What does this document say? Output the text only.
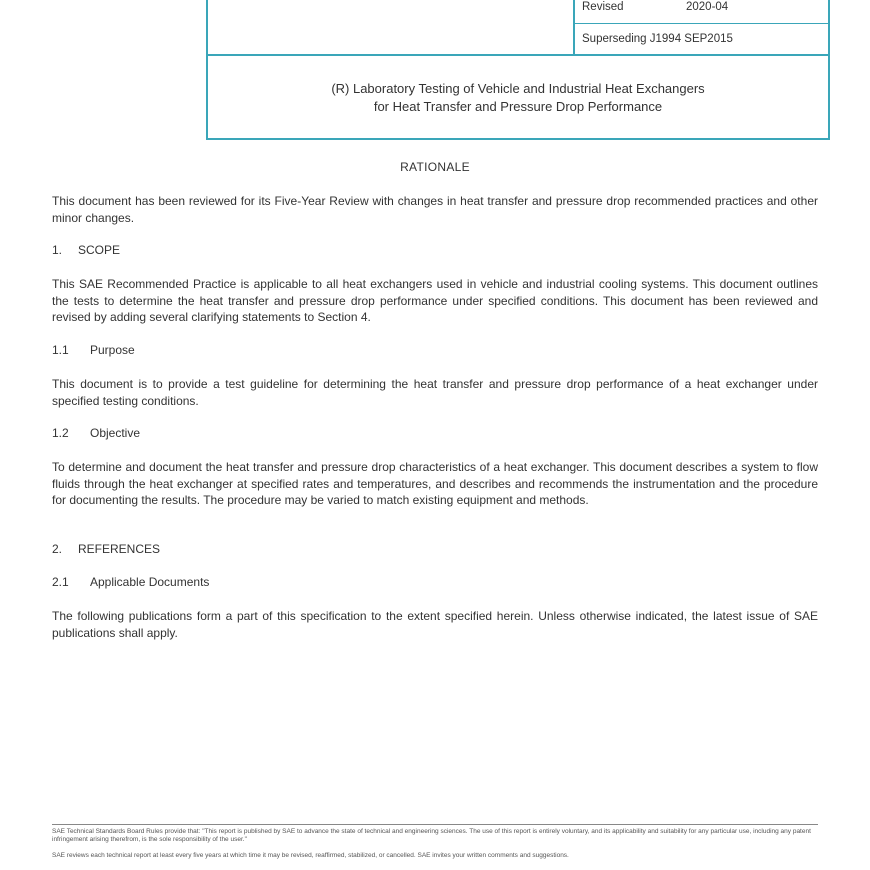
Revised	2020-04
Superseding J1994 SEP2015
(R) Laboratory Testing of Vehicle and Industrial Heat Exchangers
for Heat Transfer and Pressure Drop Performance
RATIONALE
This document has been reviewed for its Five-Year Review with changes in heat transfer and pressure drop recommended practices and other minor changes.
1. SCOPE
This SAE Recommended Practice is applicable to all heat exchangers used in vehicle and industrial cooling systems. This document outlines the tests to determine the heat transfer and pressure drop performance under specified conditions. This document has been reviewed and revised by adding several clarifying statements to Section 4.
1.1 Purpose
This document is to provide a test guideline for determining the heat transfer and pressure drop performance of a heat exchanger under specified testing conditions.
1.2 Objective
To determine and document the heat transfer and pressure drop characteristics of a heat exchanger. This document describes a system to flow fluids through the heat exchanger at specified rates and temperatures, and describes and recommends the instrumentation and the procedure for documenting the results. The procedure may be varied to match existing equipment and methods.
2. REFERENCES
2.1 Applicable Documents
The following publications form a part of this specification to the extent specified herein. Unless otherwise indicated, the latest issue of SAE publications shall apply.
SAE Technical Standards Board Rules provide that: "This report is published by SAE to advance the state of technical and engineering sciences. The use of this report is entirely voluntary, and its applicability and suitability for any particular use, including any patent infringement arising therefrom, is the sole responsibility of the user."
SAE reviews each technical report at least every five years at which time it may be revised, reaffirmed, stabilized, or cancelled. SAE invites your written comments and suggestions.
